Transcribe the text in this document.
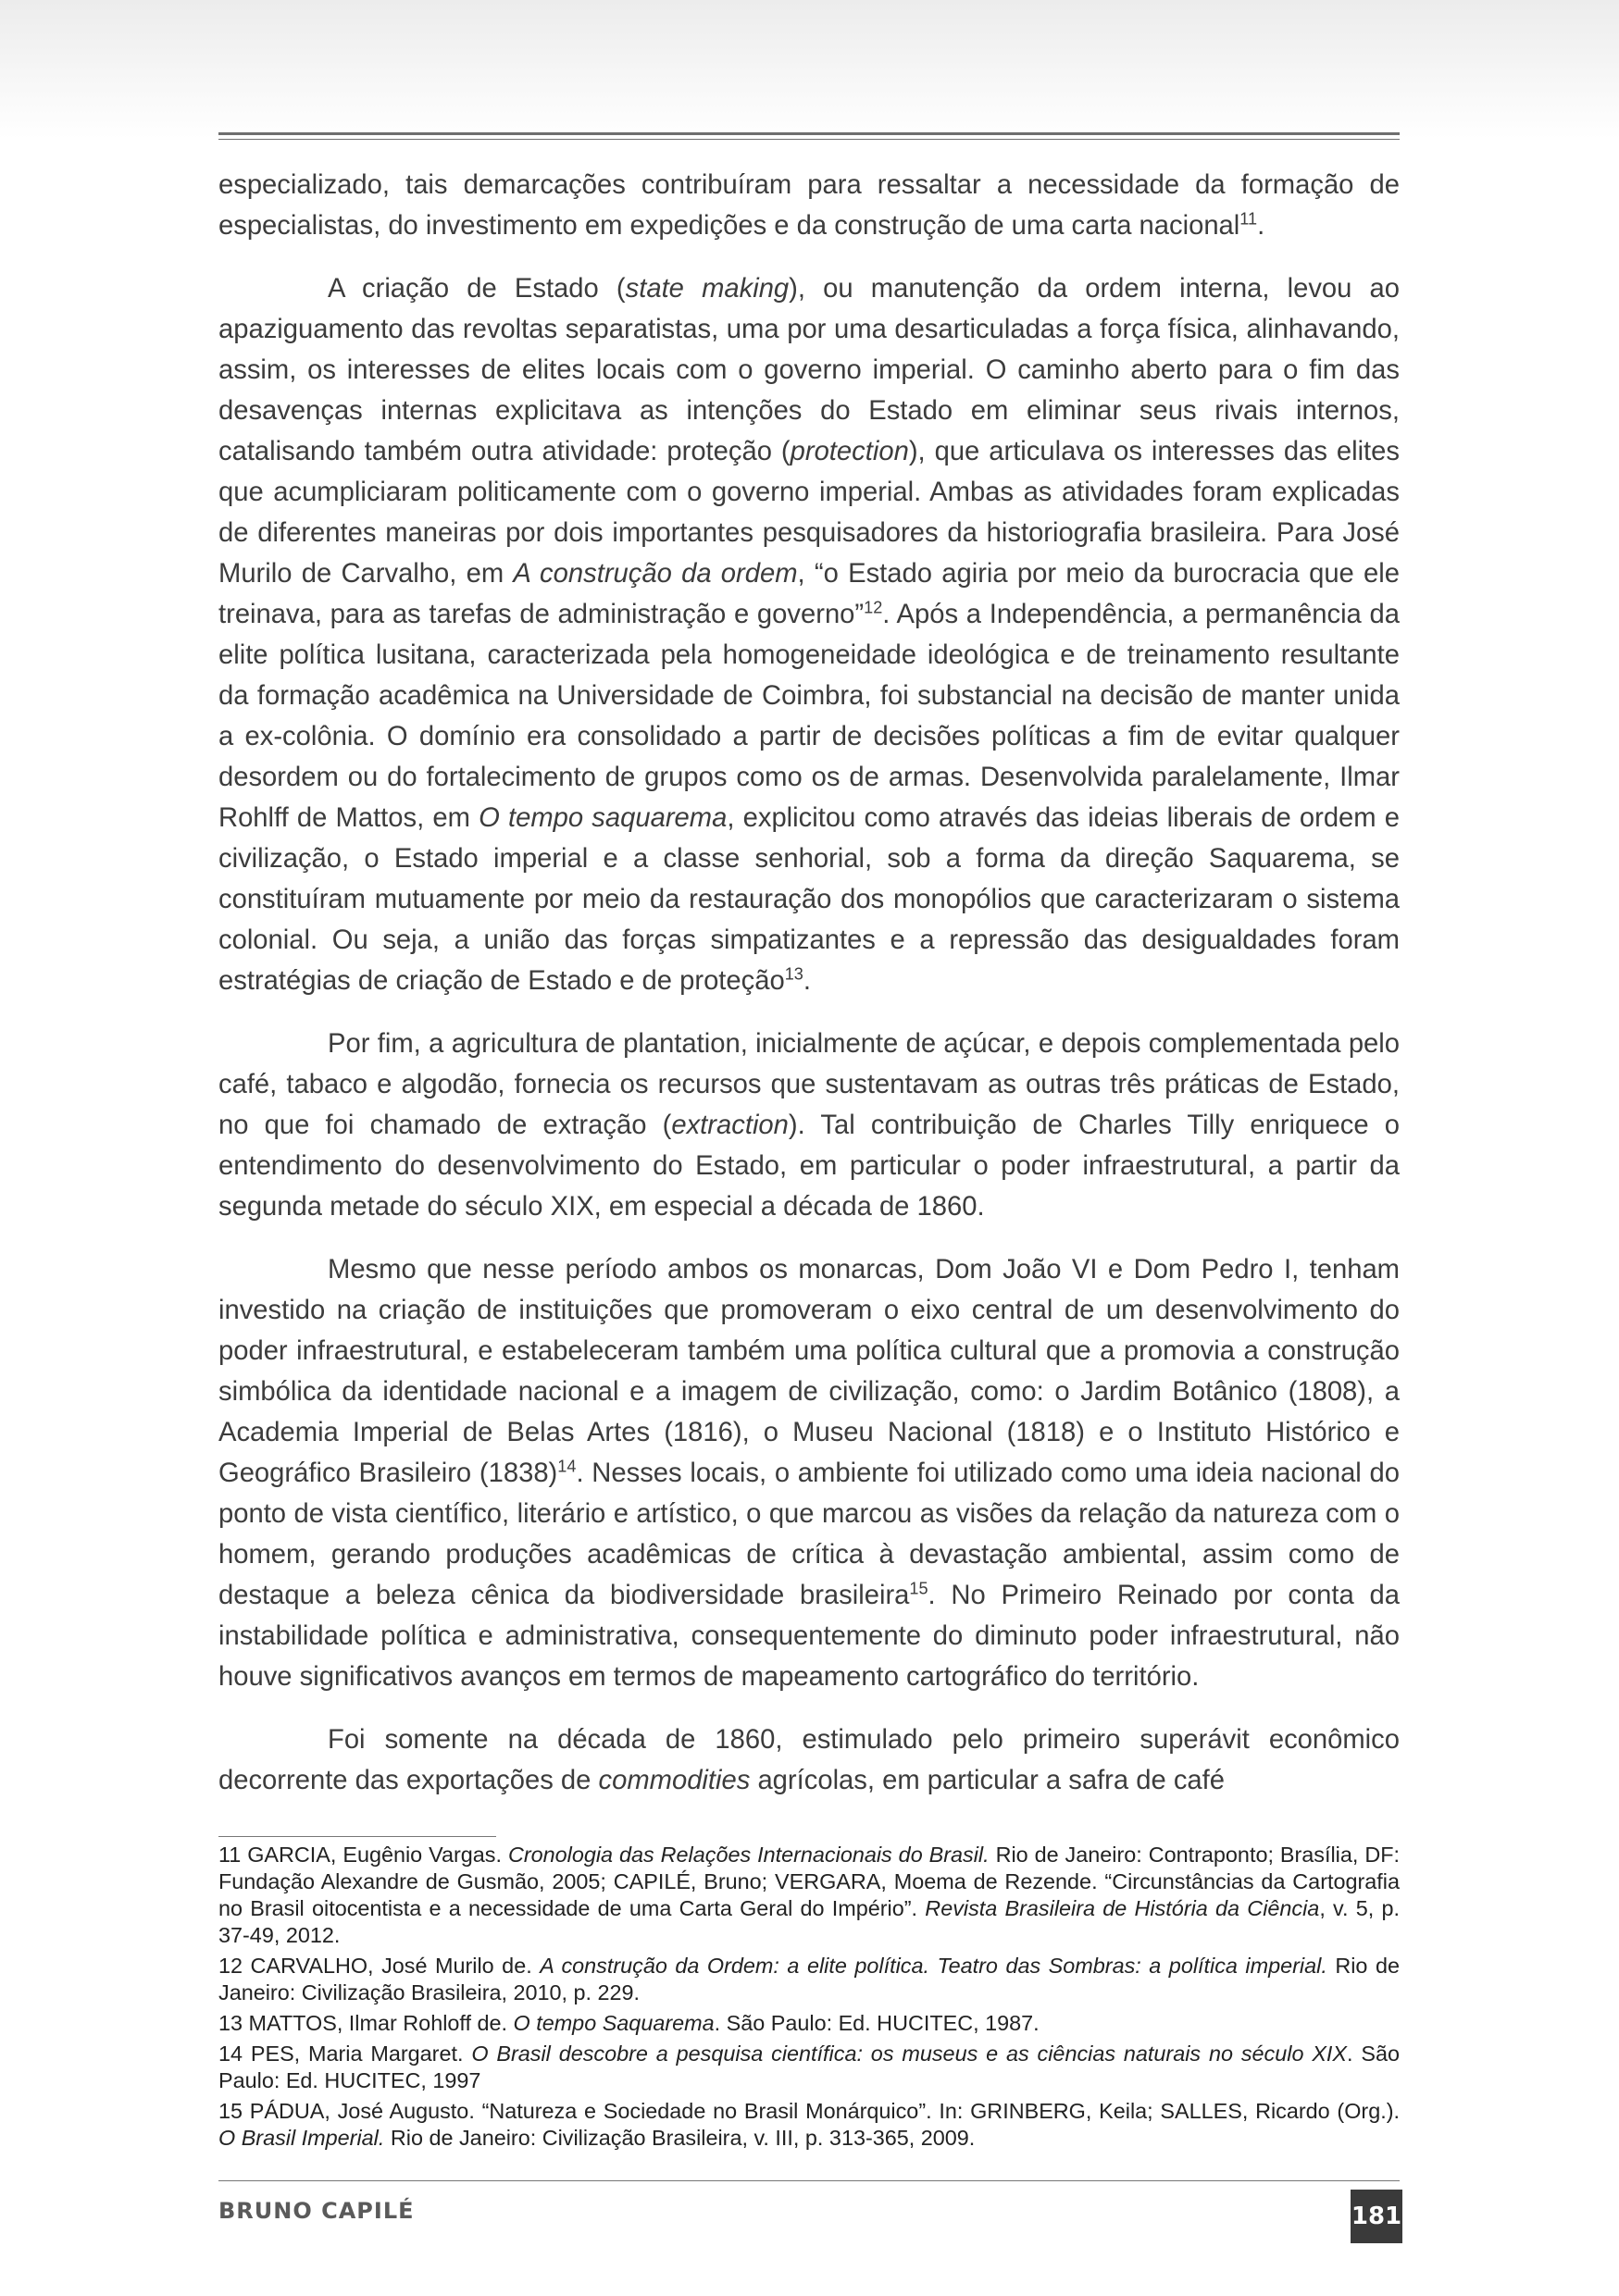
especializado, tais demarcações contribuíram para ressaltar a necessidade da formação de especialistas, do investimento em expedições e da construção de uma carta nacional$^{11}$.

A criação de Estado (state making), ou manutenção da ordem interna, levou ao apaziguamento das revoltas separatistas, uma por uma desarticuladas a força física, alinhavando, assim, os interesses de elites locais com o governo imperial. O caminho aberto para o fim das desavenças internas explicitava as intenções do Estado em eliminar seus rivais internos, catalisando também outra atividade: proteção (protection), que articulava os interesses das elites que acumpliciaram politicamente com o governo imperial. Ambas as atividades foram explicadas de diferentes maneiras por dois importantes pesquisadores da historiografia brasileira. Para José Murilo de Carvalho, em A construção da ordem, “o Estado agiria por meio da burocracia que ele treinava, para as tarefas de administração e governo”$^{12}$. Após a Independência, a permanência da elite política lusitana, caracterizada pela homogeneidade ideológica e de treinamento resultante da formação acadêmica na Universidade de Coimbra, foi substancial na decisão de manter unida a ex-colônia. O domínio era consolidado a partir de decisões políticas a fim de evitar qualquer desordem ou do fortalecimento de grupos como os de armas. Desenvolvida paralelamente, Ilmar Rohlff de Mattos, em O tempo saquarema, explicitou como através das ideias liberais de ordem e civilização, o Estado imperial e a classe senhorial, sob a forma da direção Saquarema, se constituíram mutuamente por meio da restauração dos monopólios que caracterizaram o sistema colonial. Ou seja, a união das forças simpatizantes e a repressão das desigualdades foram estratégias de criação de Estado e de proteção$^{13}$.

Por fim, a agricultura de plantation, inicialmente de açúcar, e depois complementada pelo café, tabaco e algodão, fornecia os recursos que sustentavam as outras três práticas de Estado, no que foi chamado de extração (extraction). Tal contribuição de Charles Tilly enriquece o entendimento do desenvolvimento do Estado, em particular o poder infraestrutural, a partir da segunda metade do século XIX, em especial a década de 1860.

Mesmo que nesse período ambos os monarcas, Dom João VI e Dom Pedro I, tenham investido na criação de instituições que promoveram o eixo central de um desenvolvimento do poder infraestrutural, e estabeleceram também uma política cultural que a promovia a construção simbólica da identidade nacional e a imagem de civilização, como: o Jardim Botânico (1808), a Academia Imperial de Belas Artes (1816), o Museu Nacional (1818) e o Instituto Histórico e Geográfico Brasileiro $(1838)^{14}$. Nesses locais, o ambiente foi utilizado como uma ideia nacional do ponto de vista científico, literário e artístico, o que marcou as visões da relação da natureza com o homem, gerando produções acadêmicas de crítica à devastação ambiental, assim como de destaque a beleza cênica da biodiversidade brasileira$^{15}$. No Primeiro Reinado por conta da instabilidade política e administrativa, consequentemente do diminuto poder infraestrutural, não houve significativos avanços em termos de mapeamento cartográfico do território.

Foi somente na década de 1860, estimulado pelo primeiro superávit econômico decorrente das exportações de commodities agrícolas, em particular a safra de café

11 GARCIA, Eugênio Vargas. Cronologia das Relações Internacionais do Brasil. Rio de Janeiro: Contraponto; Brasília, DF: Fundação Alexandre de Gusmão, 2005; CAPILÉ, Bruno; VERGARA, Moema de Rezende. “Circunstâncias da Cartografia no Brasil oitocentista e a necessidade de uma Carta Geral do Império”. Revista Brasileira de História da Ciência, v. 5, p. 37-49, 2012.
12 CARVALHO, José Murilo de. A construção da Ordem: a elite política. Teatro das Sombras: a política imperial. Rio de Janeiro: Civilização Brasileira, 2010, p. 229.
13 MATTOS, Ilmar Rohloff de. O tempo Saquarema. São Paulo: Ed. HUCITEC, 1987.
14 PES, Maria Margaret. O Brasil descobre a pesquisa científica: os museus e as ciências naturais no século XIX. São Paulo: Ed. HUCITEC, 1997
15 PÁDUA, José Augusto. “Natureza e Sociedade no Brasil Monárquico”. In: GRINBERG, Keila; SALLES, Ricardo (Org.). O Brasil Imperial. Rio de Janeiro: Civilização Brasileira, v. III, p. 313-365, 2009.
BRUNO CAPILÉ	181
